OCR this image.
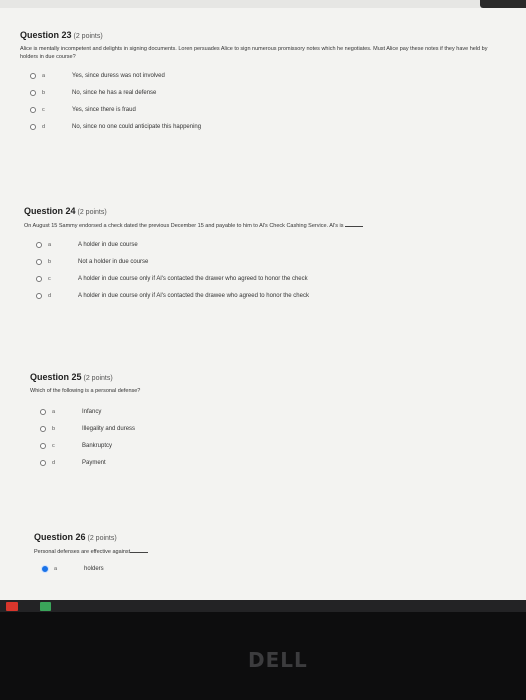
Question 23 (2 points)
Alice is mentally incompetent and delights in signing documents. Loren persuades Alice to sign numerous promissory notes which he negotiates. Must Alice pay these notes if they have held by holders in due course?
a	Yes, since duress was not involved
b	No, since he has a real defense
c	Yes, since there is fraud
d	No, since no one could anticipate this happening
Question 24 (2 points)
On August 15 Sammy endorsed a check dated the previous December 15 and payable to him to Al's Check Cashing Service. Al's is
a	A holder in due course
b	Not a holder in due course
c	A holder in due course only if Al's contacted the drawer who agreed to honor the check
d	A holder in due course only if Al's contacted the drawee who agreed to honor the check
Question 25 (2 points)
Which of the following is a personal defense?
a	Infancy
b	Illegality and duress
c	Bankruptcy
d	Payment
Question 26 (2 points)
Personal defenses are effective against
a	holders
DELL
